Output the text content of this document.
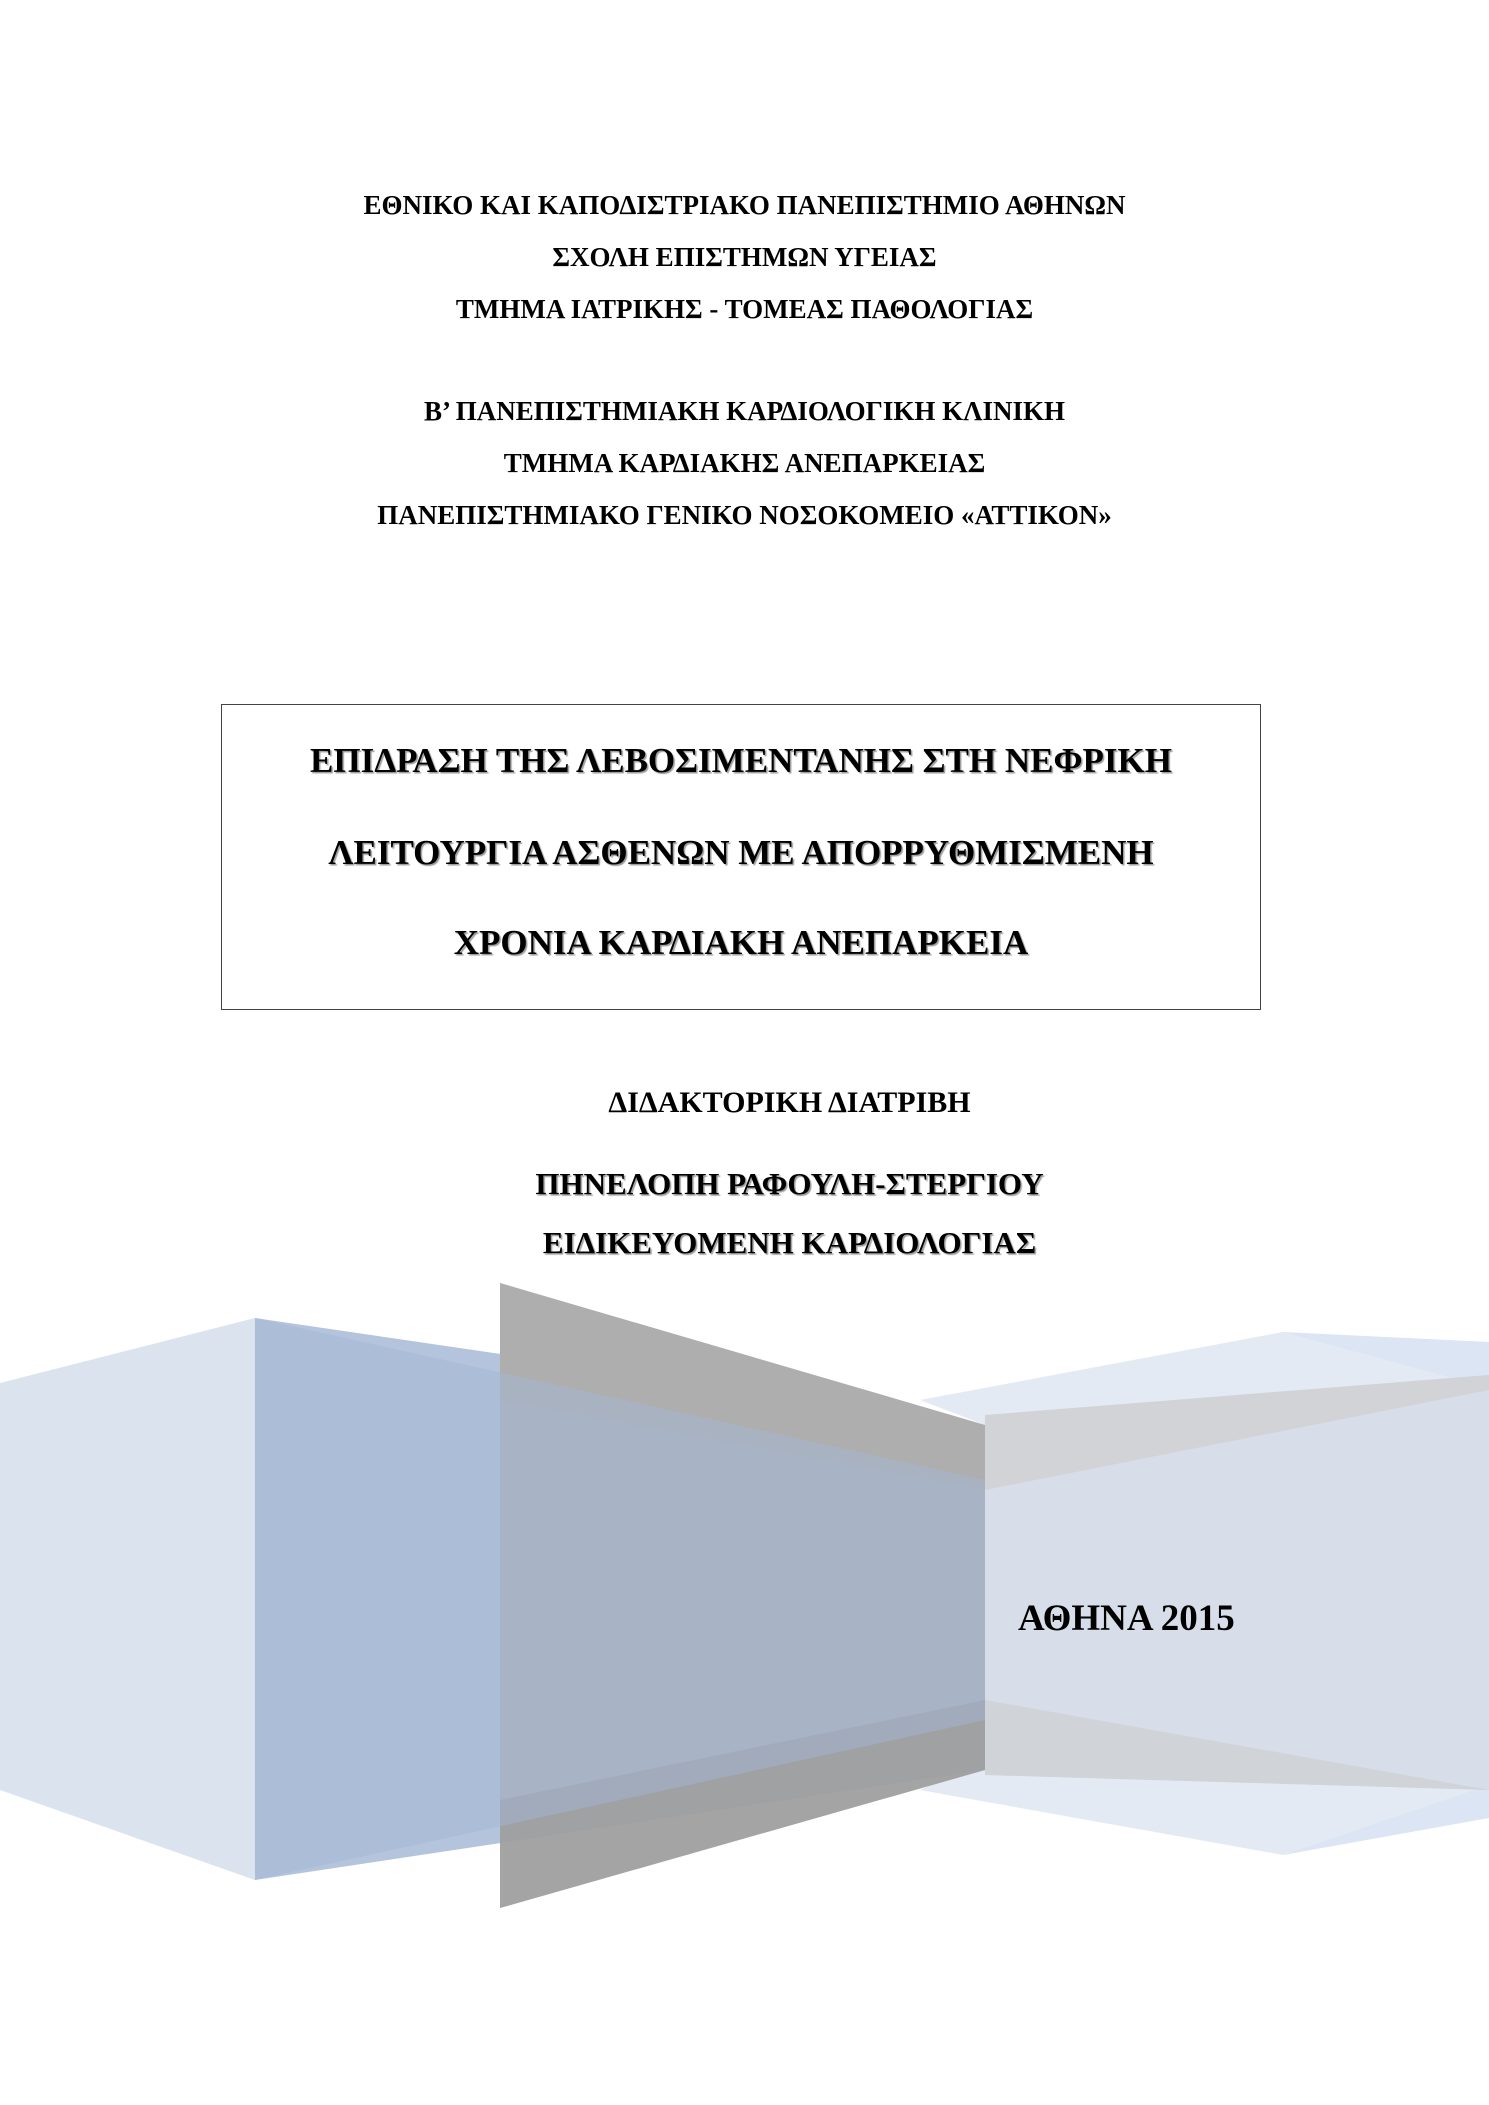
ΕΘΝΙΚΟ ΚΑΙ ΚΑΠΟΔΙΣΤΡΙΑΚΟ ΠΑΝΕΠΙΣΤΗΜΙΟ ΑΘΗΝΩΝ

ΣΧΟΛΗ ΕΠΙΣΤΗΜΩΝ ΥΓΕΙΑΣ

ΤΜΗΜΑ ΙΑΤΡΙΚΗΣ - ΤΟΜΕΑΣ ΠΑΘΟΛΟΓΙΑΣ

Β’ ΠΑΝΕΠΙΣΤΗΜΙΑΚΗ ΚΑΡΔΙΟΛΟΓΙΚΗ ΚΛΙΝΙΚΗ

ΤΜΗΜΑ ΚΑΡΔΙΑΚΗΣ ΑΝΕΠΑΡΚΕΙΑΣ

ΠΑΝΕΠΙΣΤΗΜΙΑΚΟ ΓΕΝΙΚΟ ΝΟΣΟΚΟΜΕΙΟ «ΑΤΤΙΚΟΝ»

ΕΠΙΔΡΑΣΗ ΤΗΣ ΛΕΒΟΣΙΜΕΝΤΑΝΗΣ ΣΤΗ ΝΕΦΡΙΚΗ
ΛΕΙΤΟΥΡΓΙΑ ΑΣΘΕΝΩΝ ΜΕ ΑΠΟΡΡΥΘΜΙΣΜΕΝΗ
ΧΡΟΝΙΑ ΚΑΡΔΙΑΚΗ ΑΝΕΠΑΡΚΕΙΑ

ΔΙΔΑΚΤΟΡΙΚΗ ΔΙΑΤΡΙΒΗ

ΠΗΝΕΛΟΠΗ ΡΑΦΟΥΛΗ-ΣΤΕΡΓΙΟΥ

ΕΙΔΙΚΕΥΟΜΕΝΗ ΚΑΡΔΙΟΛΟΓΙΑΣ

ΑΘΗΝΑ 2015
